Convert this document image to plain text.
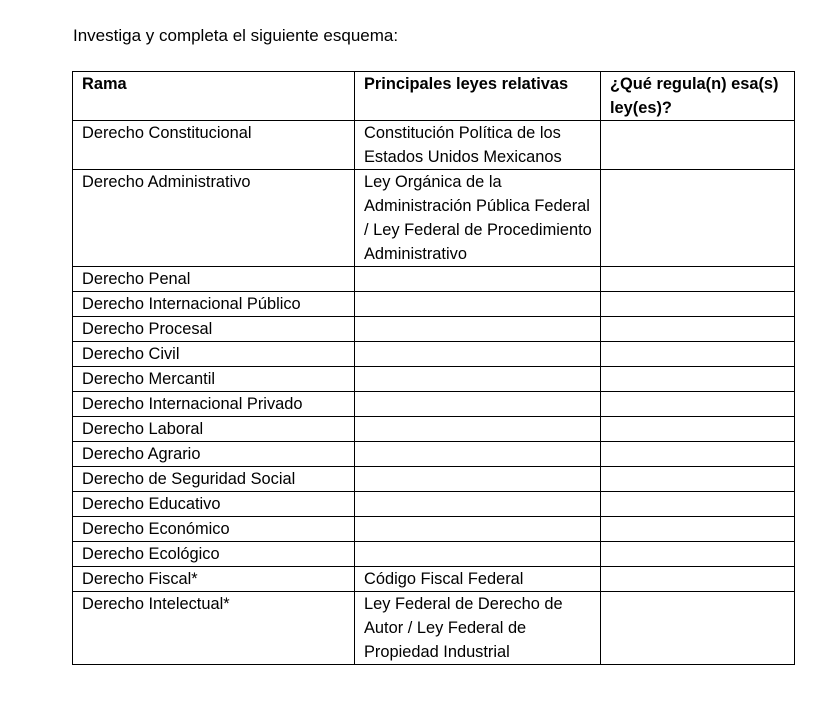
Investiga y completa el siguiente esquema:
Rama	Principales leyes relativas	¿Qué regula(n) esa(s) ley(es)?
Derecho Constitucional	Constitución Política de los Estados Unidos Mexicanos	
Derecho Administrativo	Ley Orgánica de la Administración Pública Federal / Ley Federal de Procedimiento Administrativo	
Derecho Penal		
Derecho Internacional Público		
Derecho Procesal		
Derecho Civil		
Derecho Mercantil		
Derecho Internacional Privado		
Derecho Laboral		
Derecho Agrario		
Derecho de Seguridad Social		
Derecho Educativo		
Derecho Económico		
Derecho Ecológico		
Derecho Fiscal*	Código Fiscal Federal	
Derecho Intelectual*	Ley Federal de Derecho de Autor / Ley Federal de Propiedad Industrial	
